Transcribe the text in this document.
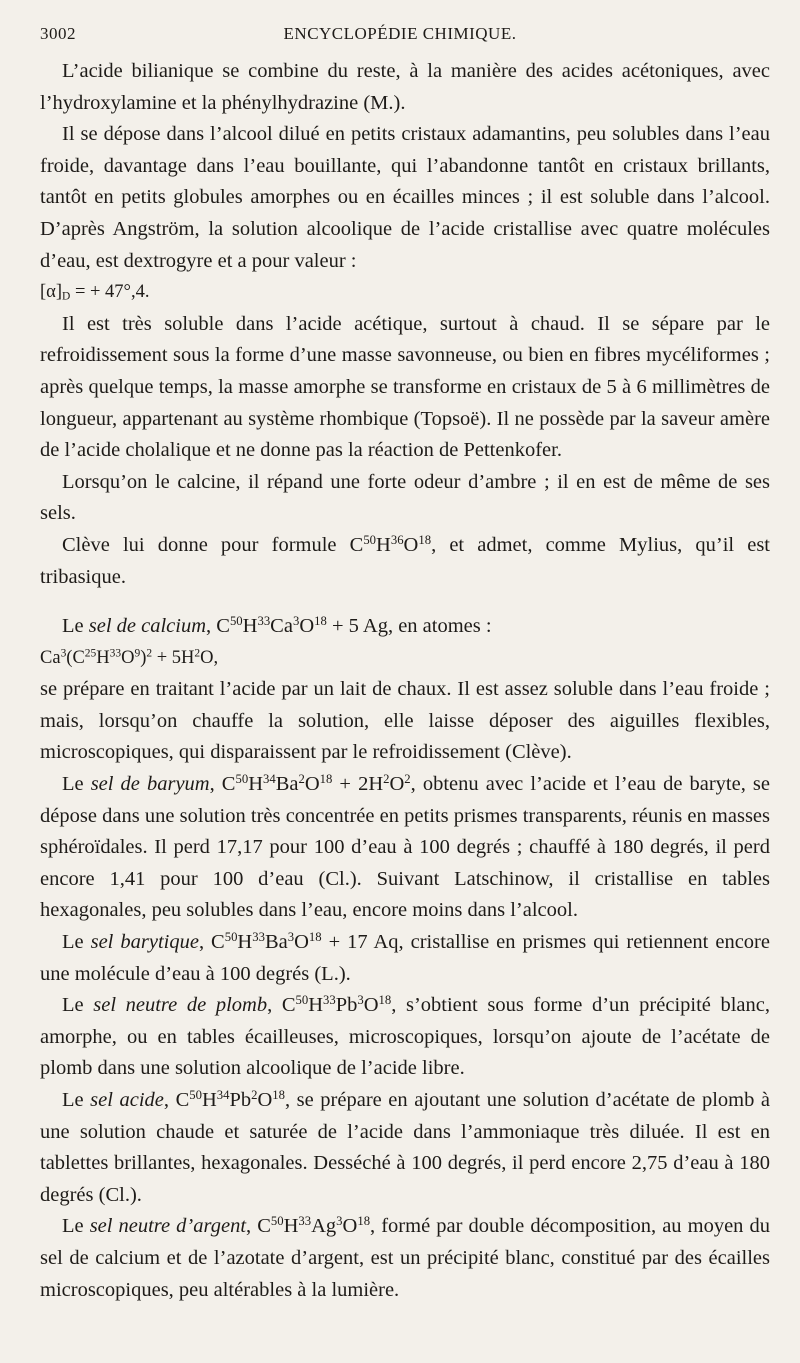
3002	ENCYCLOPÉDIE CHIMIQUE.

L’acide bilianique se combine du reste, à la manière des acides acétoniques, avec l’hydroxylamine et la phénylhydrazine (M.).

Il se dépose dans l’alcool dilué en petits cristaux adamantins, peu solubles dans l’eau froide, davantage dans l’eau bouillante, qui l’abandonne tantôt en cristaux brillants, tantôt en petits globules amorphes ou en écailles minces ; il est soluble dans l’alcool. D’après Angström, la solution alcoolique de l’acide cristallise avec quatre molécules d’eau, est dextrogyre et a pour valeur :

$[\alpha]_D$ = + 47°,4.

Il est très soluble dans l’acide acétique, surtout à chaud. Il se sépare par le refroidissement sous la forme d’une masse savonneuse, ou bien en fibres mycéliformes ; après quelque temps, la masse amorphe se transforme en cristaux de 5 à 6 millimètres de longueur, appartenant au système rhombique (Topsoë). Il ne possède par la saveur amère de l’acide cholalique et ne donne pas la réaction de Pettenkofer.

Lorsqu’on le calcine, il répand une forte odeur d’ambre ; il en est de même de ses sels.

Clève lui donne pour formule $C^{50}H^{36}O^{18}$, et admet, comme Mylius, qu’il est tribasique.

Le sel de calcium, $C^{50}H^{33}Ca^3O^{18} + 5$ Ag, en atomes :

$Ca^3(C^{25}H^{33}O^9)^2 + 5H^2O$,

se prépare en traitant l’acide par un lait de chaux. Il est assez soluble dans l’eau froide ; mais, lorsqu’on chauffe la solution, elle laisse déposer des aiguilles flexibles, microscopiques, qui disparaissent par le refroidissement (Clève).

Le sel de baryum, $C^{50}H^{34}Ba^2O^{18} + 2H^2O^2$, obtenu avec l’acide et l’eau de baryte, se dépose dans une solution très concentrée en petits prismes transparents, réunis en masses sphéroïdales. Il perd 17,17 pour 100 d’eau à 100 degrés ; chauffé à 180 degrés, il perd encore 1,41 pour 100 d’eau (Cl.). Suivant Latschinow, il cristallise en tables hexagonales, peu solubles dans l’eau, encore moins dans l’alcool.

Le sel barytique, $C^{50}H^{33}Ba^3O^{18} + 17$ Aq, cristallise en prismes qui retiennent encore une molécule d’eau à 100 degrés (L.).

Le sel neutre de plomb, $C^{50}H^{33}Pb^3O^{18}$, s’obtient sous forme d’un précipité blanc, amorphe, ou en tables écailleuses, microscopiques, lorsqu’on ajoute de l’acétate de plomb dans une solution alcoolique de l’acide libre.

Le sel acide, $C^{50}H^{34}Pb^2O^{18}$, se prépare en ajoutant une solution d’acétate de plomb à une solution chaude et saturée de l’acide dans l’ammoniaque très diluée. Il est en tablettes brillantes, hexagonales. Desséché à 100 degrés, il perd encore 2,75 d’eau à 180 degrés (Cl.).

Le sel neutre d’argent, $C^{50}H^{33}Ag^3O^{18}$, formé par double décomposition, au moyen du sel de calcium et de l’azotate d’argent, est un précipité blanc, constitué par des écailles microscopiques, peu altérables à la lumière.
